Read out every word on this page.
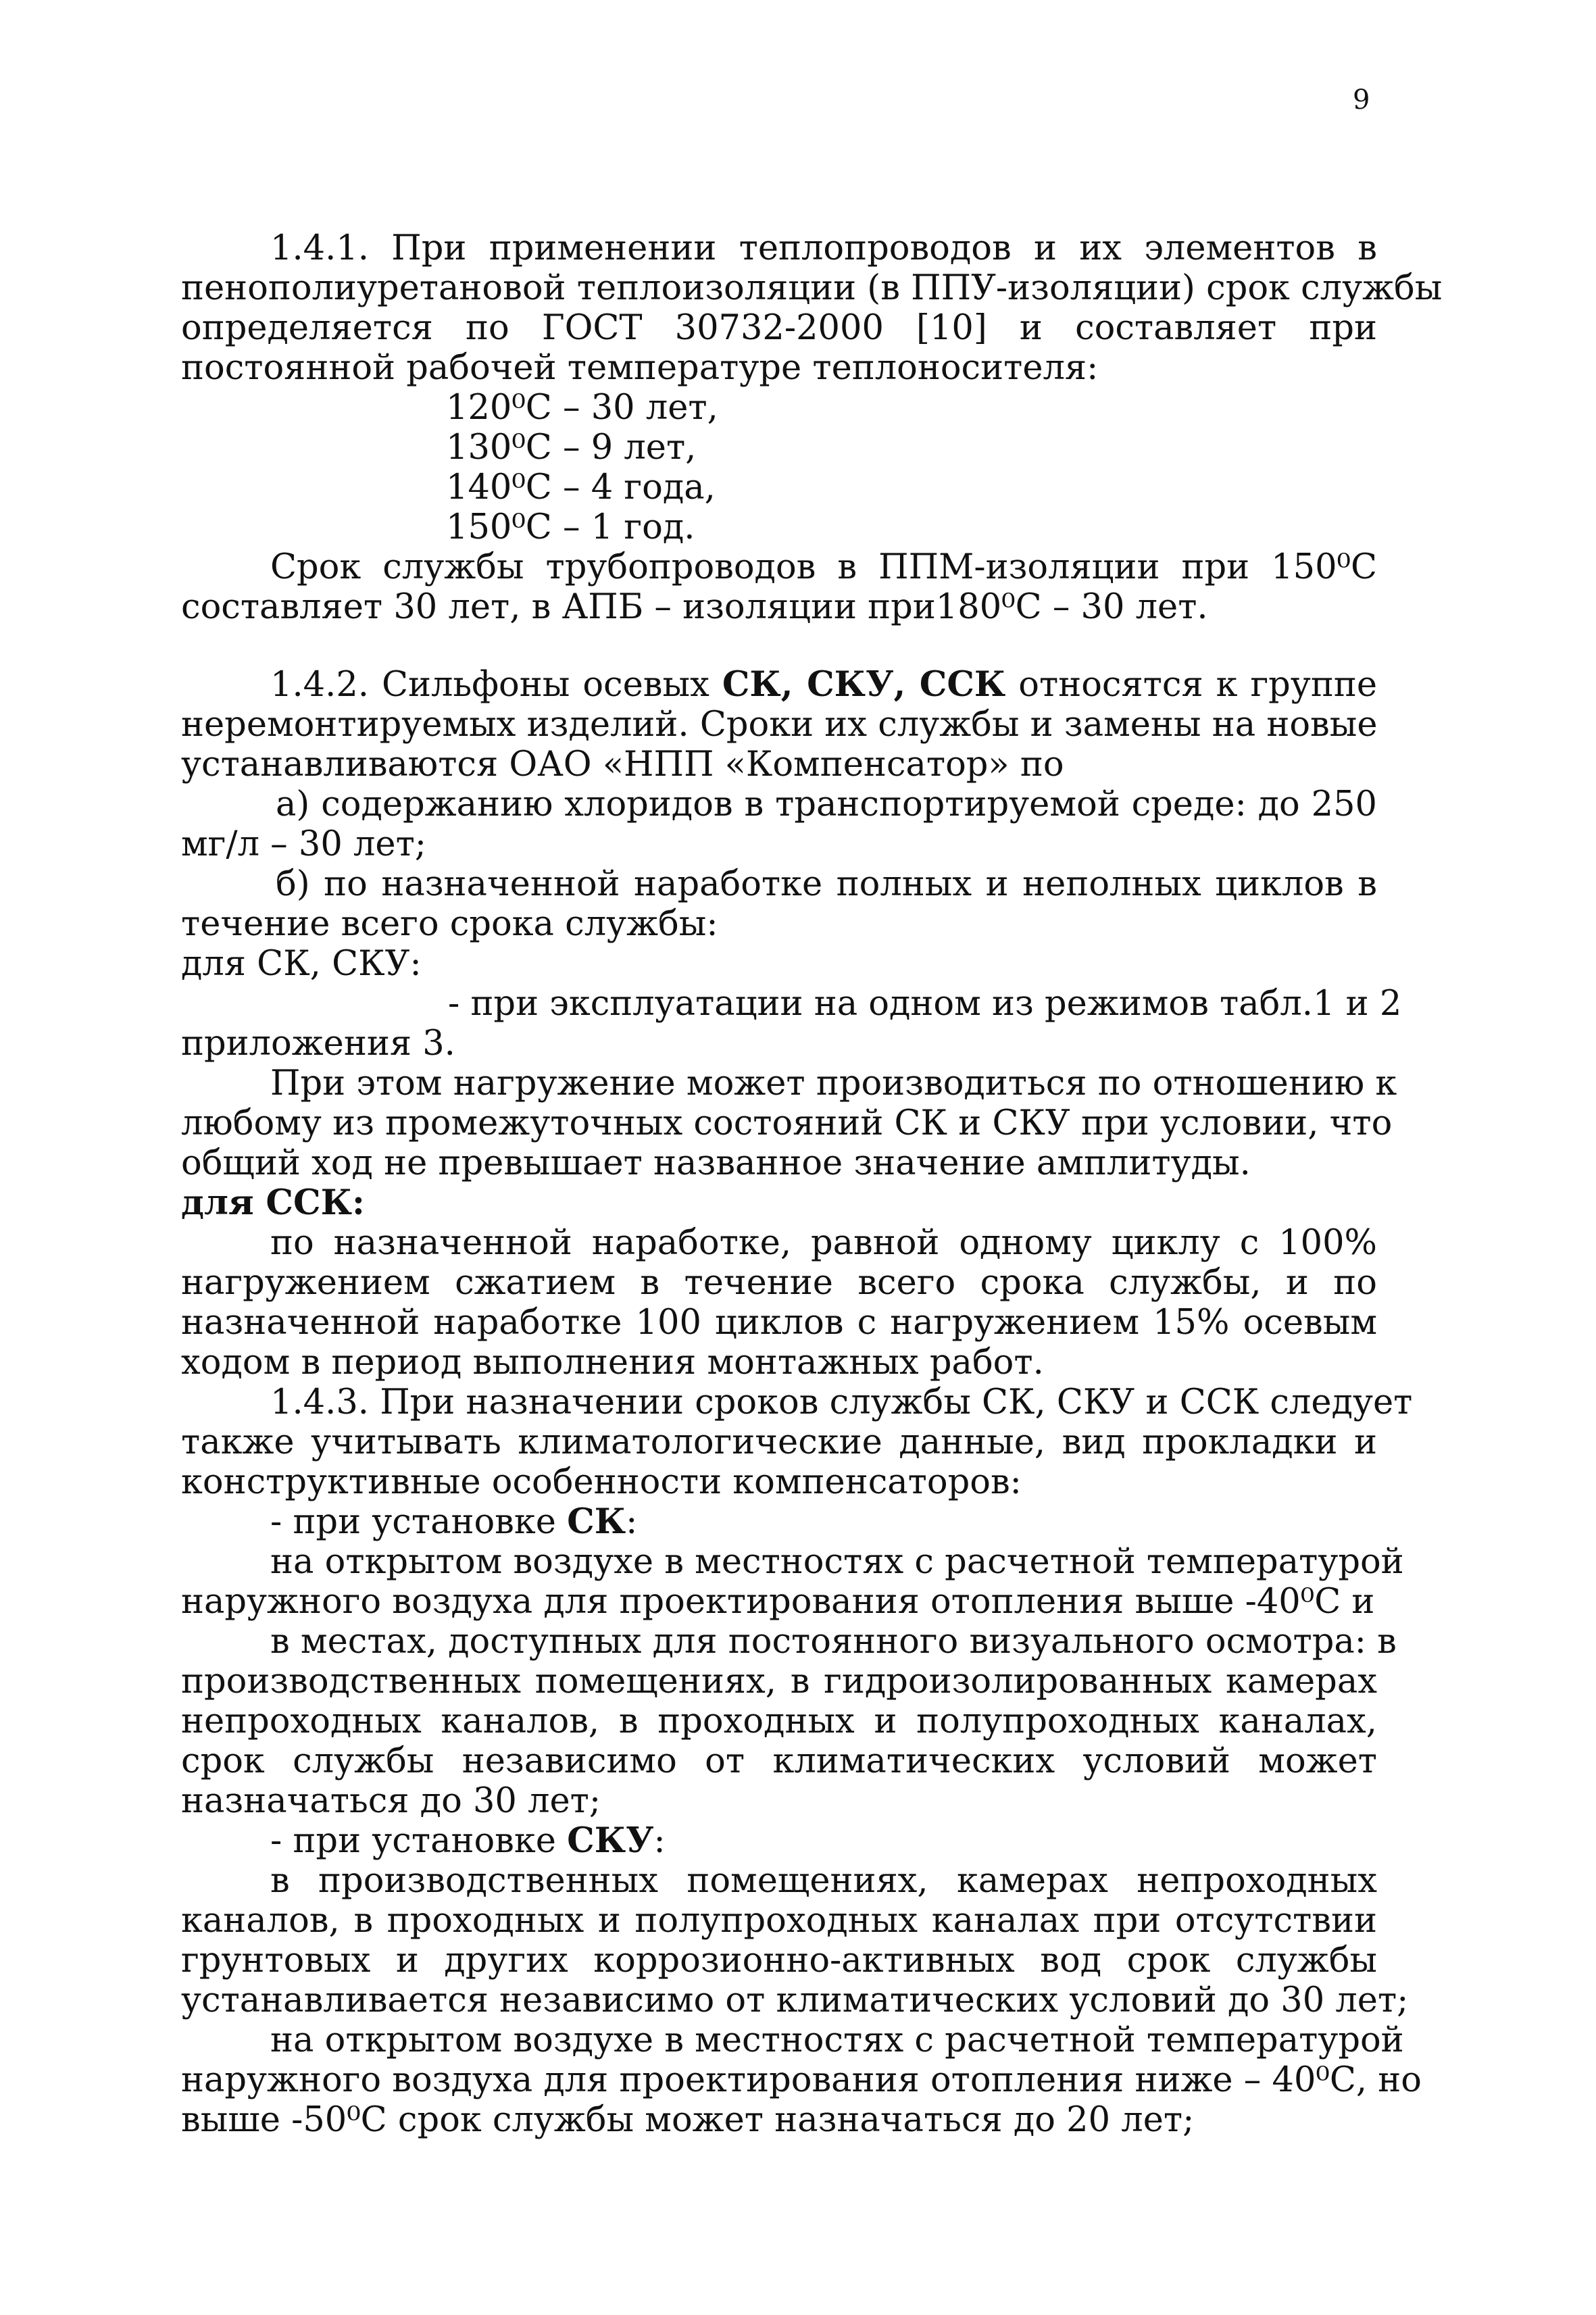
9
1.4.1. При применении теплопроводов и их элементов в
пенополиуретановой теплоизоляции (в ППУ-изоляции) срок службы
определяется по ГОСТ 30732-2000 [10] и составляет при
постоянной рабочей температуре теплоносителя:
120⁰С – 30 лет,
130⁰С – 9 лет,
140⁰С – 4 года,
150⁰С – 1 год.
Срок службы трубопроводов в ППМ-изоляции при 150⁰С
составляет 30 лет, в АПБ – изоляции при180⁰С – 30 лет.
1.4.2. Сильфоны осевых СК, СКУ, ССК относятся к группе
неремонтируемых изделий. Сроки их службы и замены на новые
устанавливаются ОАО «НПП «Компенсатор» по
а) содержанию хлоридов в транспортируемой среде: до 250
мг/л – 30 лет;
б) по назначенной наработке полных и неполных циклов в
течение всего срока службы:
для СК, СКУ:
- при эксплуатации на одном из режимов табл.1 и 2
приложения 3.
При этом нагружение может производиться по отношению к
любому из промежуточных состояний СК и СКУ при условии, что
общий ход не превышает названное значение амплитуды.
для ССК:
по назначенной наработке, равной одному циклу с 100%
нагружением сжатием в течение всего срока службы, и по
назначенной наработке 100 циклов с нагружением 15% осевым
ходом в период выполнения монтажных работ.
1.4.3. При назначении сроков службы СК, СКУ и ССК следует
также учитывать климатологические данные, вид прокладки и
конструктивные особенности компенсаторов:
- при установке СК:
на открытом воздухе в местностях с расчетной температурой
наружного воздуха для проектирования отопления выше -40⁰С и
в местах, доступных для постоянного визуального осмотра: в
производственных помещениях, в гидроизолированных камерах
непроходных каналов, в проходных и полупроходных каналах,
срок службы независимо от климатических условий может
назначаться до 30 лет;
- при установке СКУ:
в производственных помещениях, камерах непроходных
каналов, в проходных и полупроходных каналах при отсутствии
грунтовых и других коррозионно-активных вод срок службы
устанавливается независимо от климатических условий до 30 лет;
на открытом воздухе в местностях с расчетной температурой
наружного воздуха для проектирования отопления ниже – 40⁰С, но
выше -50⁰С срок службы может назначаться до 20 лет;
